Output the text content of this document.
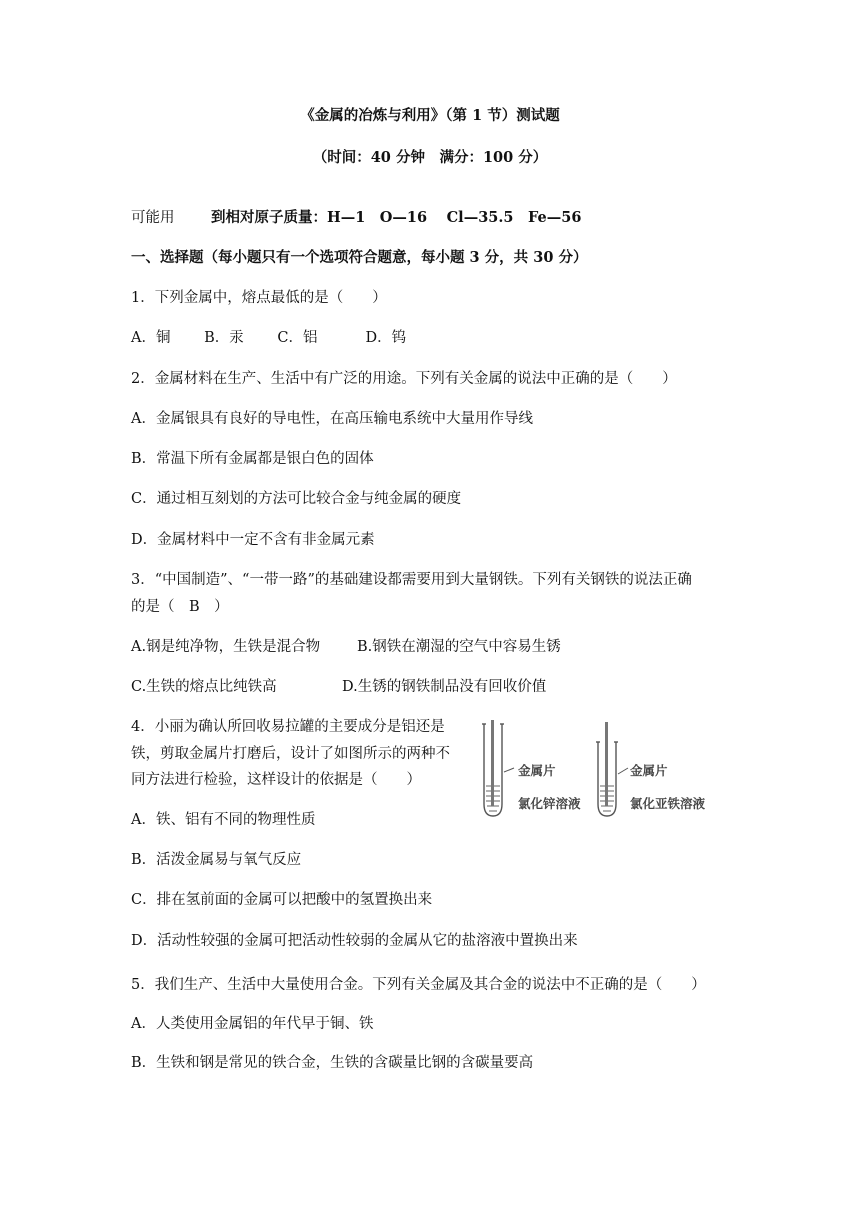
《金属的冶炼与利用》（第 1 节）测试题
（时间：40 分钟　满分：100 分）
可能用	到相对原子质量：H—1　O—16　 Cl—35.5　Fe—56
一、选择题（每小题只有一个选项符合题意，每小题 3 分，共 30 分）
1．下列金属中，熔点最低的是（　　）
A．铜　　 B．汞　　 C．铝　　　 D．钨
2．金属材料在生产、生活中有广泛的用途。下列有关金属的说法中正确的是（　　）
A．金属银具有良好的导电性，在高压输电系统中大量用作导线
B．常温下所有金属都是银白色的固体
C．通过相互刻划的方法可比较合金与纯金属的硬度
D．金属材料中一定不含有非金属元素
3．“中国制造”、“一带一路”的基础建设都需要用到大量钢铁。下列有关钢铁的说法正确
的是（　B　）
A.钢是纯净物，生铁是混合物	B.钢铁在潮湿的空气中容易生锈
C.生铁的熔点比纯铁高	D.生锈的钢铁制品没有回收价值
4．小丽为确认所回收易拉罐的主要成分是铝还是
铁，剪取金属片打磨后，设计了如图所示的两种不
同方法进行检验，这样设计的依据是（　　）
金属片
氯化锌溶液
金属片
氯化亚铁溶液
A．铁、铝有不同的物理性质
B．活泼金属易与氧气反应
C．排在氢前面的金属可以把酸中的氢置换出来
D．活动性较强的金属可把活动性较弱的金属从它的盐溶液中置换出来
5．我们生产、生活中大量使用合金。下列有关金属及其合金的说法中不正确的是（　　）
A．人类使用金属铝的年代早于铜、铁
B．生铁和钢是常见的铁合金，生铁的含碳量比钢的含碳量要高
